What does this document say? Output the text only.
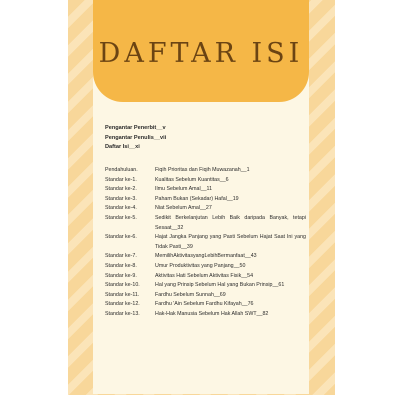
DAFTAR ISI
Pengantar Penerbit__v
Pengantar Penulis__vii
Daftar Isi__xi
Pendahuluan.	Fiqih Prioritas dan Fiqih Muwazanah__1
Standar ke-1.	Kualitas Sebelum Kuantitas__6
Standar ke-2.	Ilmu Sebelum Amal__11
Standar ke-3.	Paham Bukan (Sekadar) Hafal__19
Standar ke-4.	Niat Sebelum Amal__27
Standar ke-5.	Sedikit Berkelanjutan Lebih Baik daripada Banyak, tetapi Sesaat__32
Standar ke-6.	Hajat Jangka Panjang yang Pasti Sebelum Hajat Saat Ini yang Tidak Pasti__39
Standar ke-7.	MemilihAktivitasyangLebihBermanfaat__43
Standar ke-8.	Umur Produktivitas yang Panjang__50
Standar ke-9.	Aktivitas Hati Sebelum Aktivitas Fisik__54
Standar ke-10.	Hal yang Prinsip Sebelum Hal yang Bukan Prinsip__61
Standar ke-11.	Fardhu Sebelum Sunnah__69
Standar ke-12.	Fardhu 'Ain Sebelum Fardhu Kifayah__76
Standar ke-13.	Hak-Hak Manusia Sebelum Hak Allah SWT__82
